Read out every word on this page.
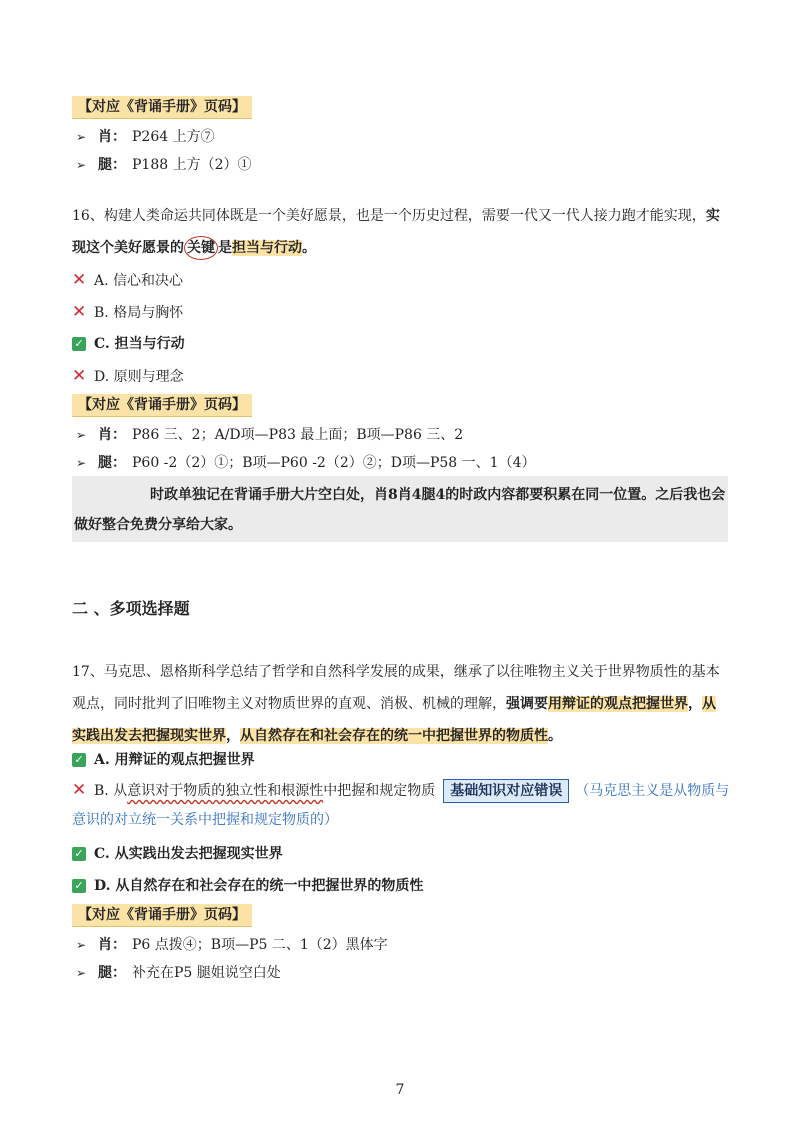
【对应《背诵手册》页码】
➢ 肖： P264 上方⑦
➢ 腿： P188 上方（2）①
16、构建人类命运共同体既是一个美好愿景，也是一个历史过程，需要一代又一代人接力跑才能实现，实
现这个美好愿景的 关键 是担当与行动。
✕ A. 信心和决心
✕ B. 格局与胸怀
✓ C. 担当与行动
✕ D. 原则与理念
【对应《背诵手册》页码】
➢ 肖： P86 三、2；A/D项—P83 最上面；B项—P86 三、2
➢ 腿： P60 -2（2）①；B项—P60 -2（2）②；D项—P58 一、1（4）
时政单独记在背诵手册大片空白处，肖8肖4腿4的时政内容都要积累在同一位置。之后我也会
做好整合免费分享给大家。
二 、多项选择题
17、马克思、恩格斯科学总结了哲学和自然科学发展的成果，继承了以往唯物主义关于世界物质性的基本
观点，同时批判了旧唯物主义对物质世界的直观、消极、机械的理解，强调要用辩证的观点把握世界，从
实践出发去把握现实世界，从自然存在和社会存在的统一中把握世界的物质性。
✓ A. 用辩证的观点把握世界
✕ B. 从意识对于物质的独立性和根源性中把握和规定物质 基础知识对应错误 （马克思主义是从物质与
意识的对立统一关系中把握和规定物质的）
✓ C. 从实践出发去把握现实世界
✓ D. 从自然存在和社会存在的统一中把握世界的物质性
【对应《背诵手册》页码】
➢ 肖： P6 点拨④；B项—P5 二、1（2）黑体字
➢ 腿： 补充在P5 腿姐说空白处
7
